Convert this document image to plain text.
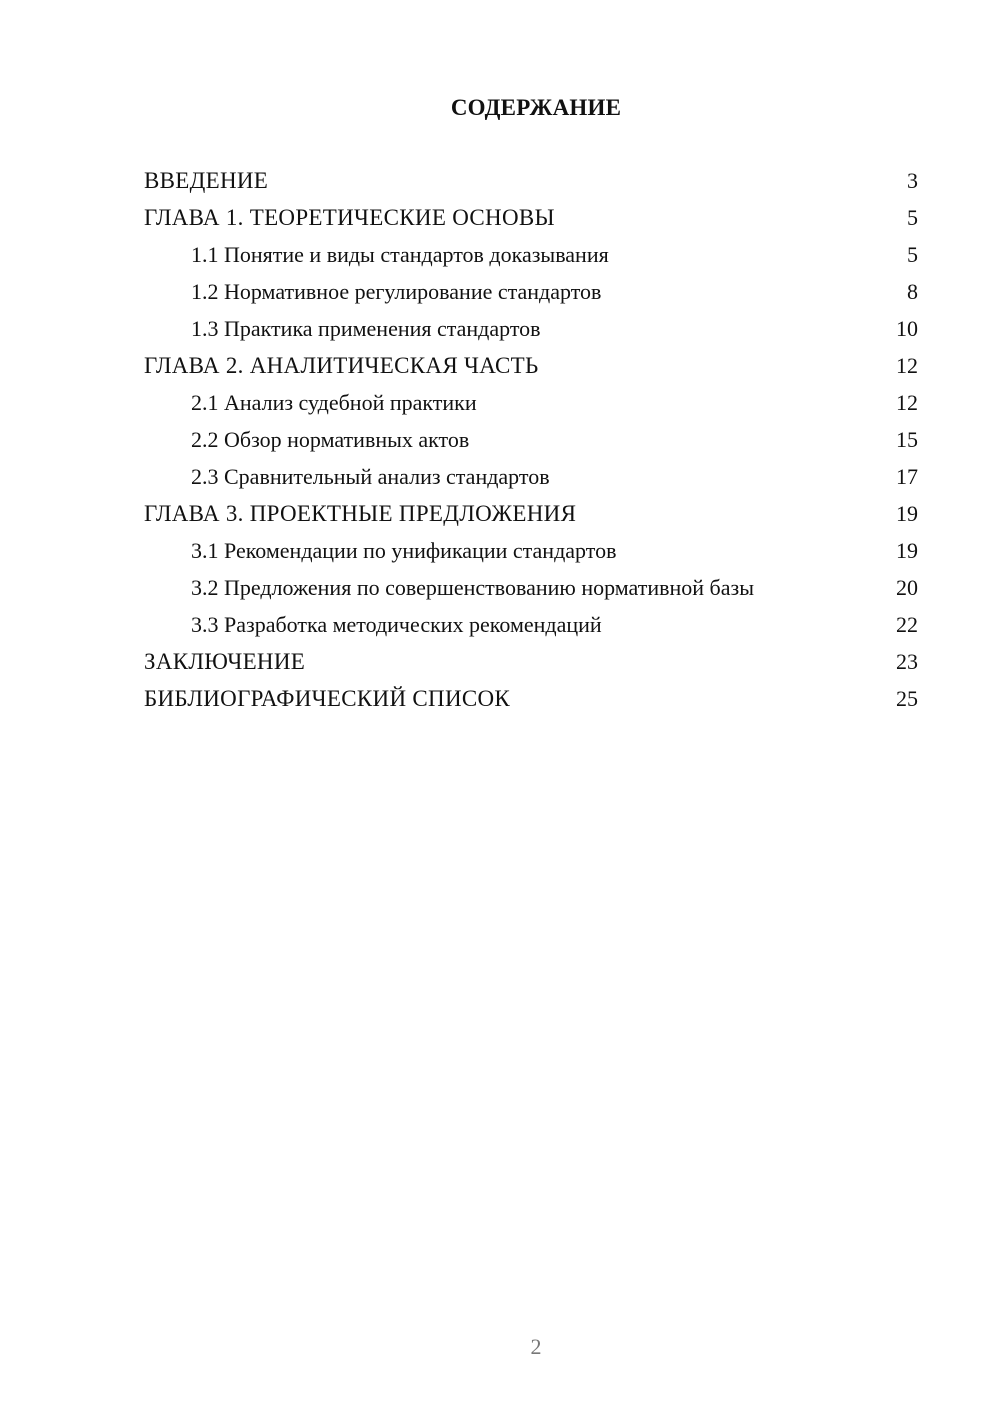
СОДЕРЖАНИЕ
ВВЕДЕНИЕ	3
ГЛАВА 1. ТЕОРЕТИЧЕСКИЕ ОСНОВЫ	5
1.1 Понятие и виды стандартов доказывания	5
1.2 Нормативное регулирование стандартов	8
1.3 Практика применения стандартов	10
ГЛАВА 2. АНАЛИТИЧЕСКАЯ ЧАСТЬ	12
2.1 Анализ судебной практики	12
2.2 Обзор нормативных актов	15
2.3 Сравнительный анализ стандартов	17
ГЛАВА 3. ПРОЕКТНЫЕ ПРЕДЛОЖЕНИЯ	19
3.1 Рекомендации по унификации стандартов	19
3.2 Предложения по совершенствованию нормативной базы	20
3.3 Разработка методических рекомендаций	22
ЗАКЛЮЧЕНИЕ	23
БИБЛИОГРАФИЧЕСКИЙ СПИСОК	25
2
